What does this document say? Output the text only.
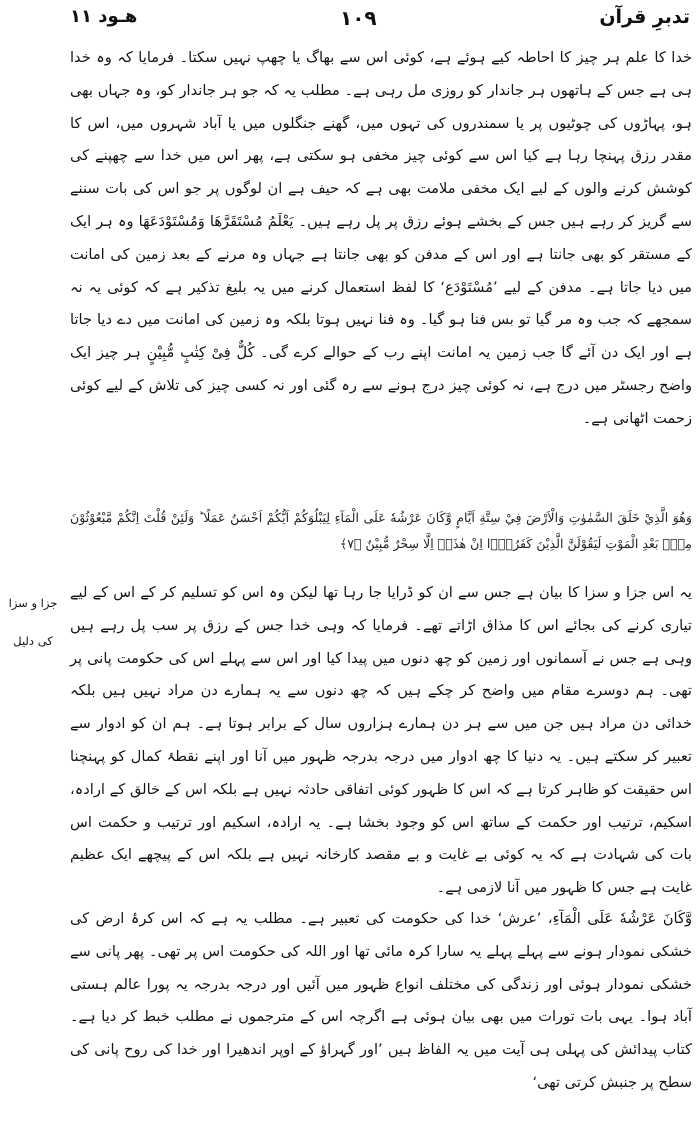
تدبرِ قرآن
۱۰۹
هـود ۱۱
خدا کا علم ہر چیز کا احاطہ کیے ہوئے ہے، کوئی اس سے بھاگ یا چھپ نہیں سکتا۔ فرمایا کہ وہ خدا ہی ہے جس کے ہاتھوں ہر جاندار کو روزی مل رہی ہے۔ مطلب یہ کہ جو ہر جاندار کو، وہ جہاں بھی ہو، پہاڑوں کی چوٹیوں پر یا سمندروں کی تہوں میں، گھنے جنگلوں میں یا آباد شہروں میں، اس کا مقدر رزق پہنچا رہا ہے کیا اس سے کوئی چیز مخفی ہو سکتی ہے، پھر اس میں خدا سے چھپنے کی کوشش کرنے والوں کے لیے ایک مخفی ملامت بھی ہے کہ حیف ہے ان لوگوں پر جو اس کی بات سننے سے گریز کر رہے ہیں جس کے بخشے ہوئے رزق پر پل رہے ہیں۔ یَعْلَمُ مُسْتَقَرَّهَا وَمُسْتَوْدَعَهَا وہ ہر ایک کے مستقر کو بھی جانتا ہے اور اس کے مدفن کو بھی جانتا ہے جہاں وہ مرنے کے بعد زمین کی امانت میں دیا جاتا ہے۔ مدفن کے لیے ’مُسْتَوْدَع‘ کا لفظ استعمال کرنے میں یہ بلیغ تذکیر ہے کہ کوئی یہ نہ سمجھے کہ جب وہ مر گیا تو بس فنا ہو گیا۔ وہ فنا نہیں ہوتا بلکہ وہ زمین کی امانت میں دے دیا جاتا ہے اور ایک دن آئے گا جب زمین یہ امانت اپنے رب کے حوالے کرے گی۔ کُلٌّ فِیْ کِتٰبٍ مُّبِیْنٍ ہر چیز ایک واضح رجسٹر میں درج ہے، نہ کوئی چیز درج ہونے سے رہ گئی اور نہ کسی چیز کی تلاش کے لیے کوئی زحمت اٹھانی ہے۔
وَهُوَ الَّذِيْ خَلَقَ السَّمٰوٰتِ وَالْاَرْضَ فِيْ سِتَّةِ اَيَّامٍ وَّكَانَ عَرْشُهٗ عَلَى الْمَآءِ لِيَبْلُوَكُمْ اَيُّكُمْ اَحْسَنُ عَمَلًا ؕ وَلَئِنْ قُلْتَ اِنَّكُمْ مَّبْعُوْثُوْنَ مِنْۢ بَعْدِ الْمَوْتِ لَيَقُوْلَنَّ الَّذِيْنَ كَفَرُوْۤا اِنْ هٰذَاۤ اِلَّا سِحْرٌ مُّبِيْنٌ ﴿۷﴾
یہ اس جزا و سزا کا بیان ہے جس سے ان کو ڈرایا جا رہا تھا لیکن وہ اس کو تسلیم کر کے اس کے لیے تیاری کرنے کی بجائے اس کا مذاق اڑاتے تھے۔ فرمایا کہ وہی خدا جس کے رزق پر سب پل رہے ہیں وہی ہے جس نے آسمانوں اور زمین کو چھ دنوں میں پیدا کیا اور اس سے پہلے اس کی حکومت پانی پر تھی۔ ہم دوسرے مقام میں واضح کر چکے ہیں کہ چھ دنوں سے یہ ہمارے دن مراد نہیں ہیں بلکہ خدائی دن مراد ہیں جن میں سے ہر دن ہمارے ہزاروں سال کے برابر ہوتا ہے۔ ہم ان کو ادوار سے تعبیر کر سکتے ہیں۔ یہ دنیا کا چھ ادوار میں درجہ بدرجہ ظہور میں آنا اور اپنے نقطۂ کمال کو پہنچنا اس حقیقت کو ظاہر کرتا ہے کہ اس کا ظہور کوئی اتفاقی حادثہ نہیں ہے بلکہ اس کے خالق کے ارادہ، اسکیم، ترتیب اور حکمت کے ساتھ اس کو وجود بخشا ہے۔ یہ ارادہ، اسکیم اور ترتیب و حکمت اس بات کی شہادت ہے کہ یہ کوئی بے غایت و بے مقصد کارخانہ نہیں ہے بلکہ اس کے پیچھے ایک عظیم غایت ہے جس کا ظہور میں آنا لازمی ہے۔
وَّكَانَ عَرْشُهٗ عَلَى الْمَآءِ، ’عرش‘ خدا کی حکومت کی تعبیر ہے۔ مطلب یہ ہے کہ اس کرۂ ارض کی خشکی نمودار ہونے سے پہلے پہلے یہ سارا کرہ مائی تھا اور اللہ کی حکومت اس پر تھی۔ پھر پانی سے خشکی نمودار ہوئی اور زندگی کی مختلف انواع ظہور میں آئیں اور درجہ بدرجہ یہ پورا عالم ہستی آباد ہوا۔ یہی بات تورات میں بھی بیان ہوئی ہے اگرچہ اس کے مترجموں نے مطلب خبط کر دیا ہے۔ کتاب پیدائش کی پہلی ہی آیت میں یہ الفاظ ہیں ’اور گہراؤ کے اوپر اندھیرا اور خدا کی روح پانی کی سطح پر جنبش کرتی تھی‘
جزا و سزا کی دلیل
